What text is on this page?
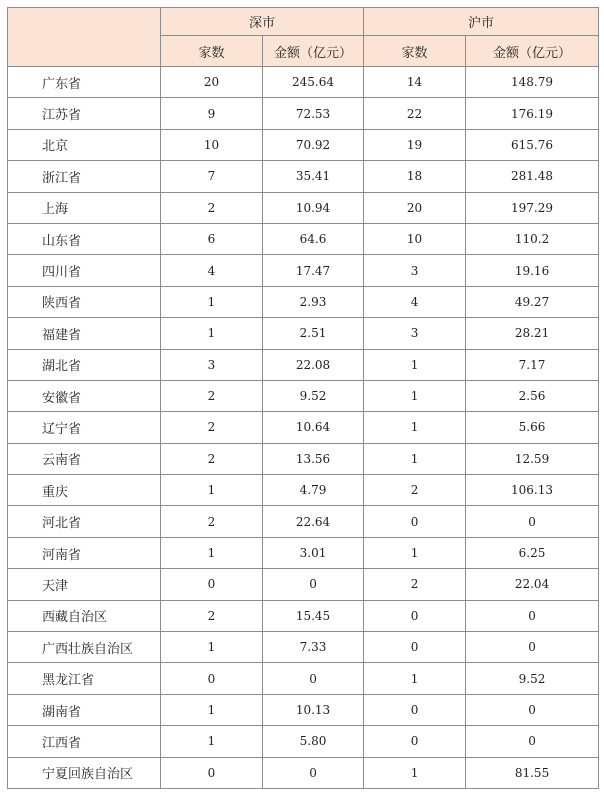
	深市		沪市	
	家数	金额（亿元）	家数	金额（亿元）
广东省	20	245.64	14	148.79
江苏省	9	72.53	22	176.19
北京	10	70.92	19	615.76
浙江省	7	35.41	18	281.48
上海	2	10.94	20	197.29
山东省	6	64.6	10	110.2
四川省	4	17.47	3	19.16
陕西省	1	2.93	4	49.27
福建省	1	2.51	3	28.21
湖北省	3	22.08	1	7.17
安徽省	2	9.52	1	2.56
辽宁省	2	10.64	1	5.66
云南省	2	13.56	1	12.59
重庆	1	4.79	2	106.13
河北省	2	22.64	0	0
河南省	1	3.01	1	6.25
天津	0	0	2	22.04
西藏自治区	2	15.45	0	0
广西壮族自治区	1	7.33	0	0
黑龙江省	0	0	1	9.52
湖南省	1	10.13	0	0
江西省	1	5.80	0	0
宁夏回族自治区	0	0	1	81.55
